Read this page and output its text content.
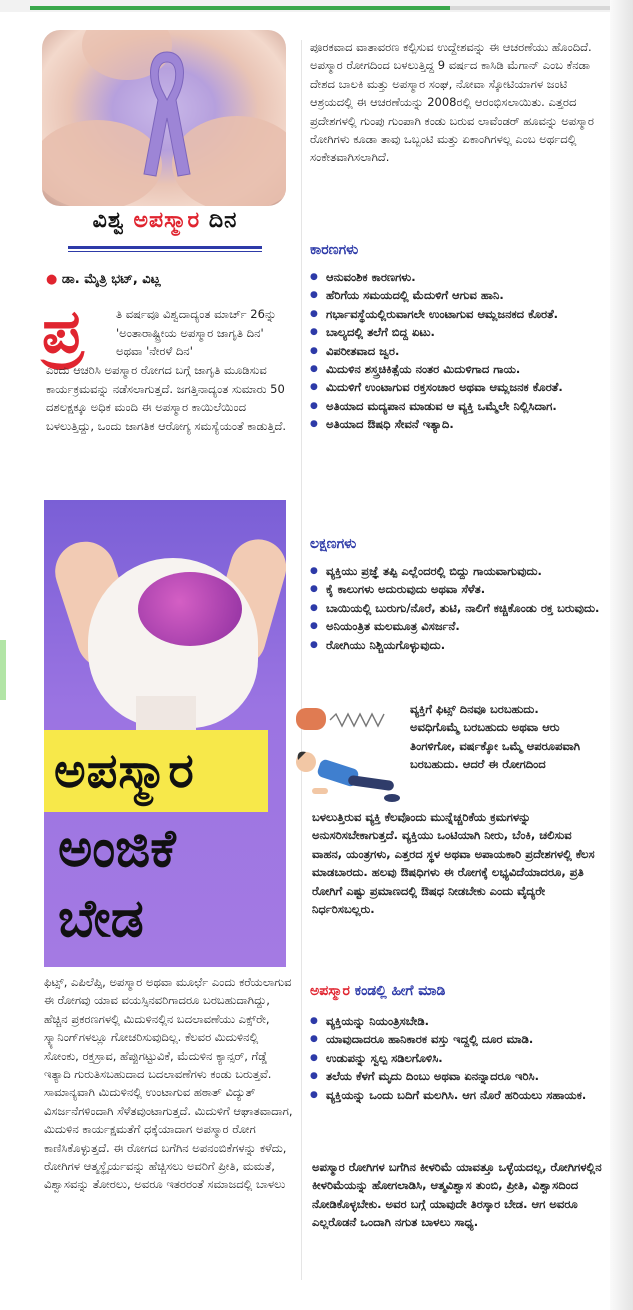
ವಿಶ್ವ ಅಪಸ್ಮಾರ ದಿನ
● ಡಾ. ಮೈತ್ರಿ ಭಟ್, ವಿಟ್ಲ
ಪ್ರ	ತಿ ವರ್ಷವೂ ವಿಶ್ವದಾದ್ಯಂತ ಮಾರ್ಚ್ 26ನ್ನು 'ಅಂತಾರಾಷ್ಟ್ರೀಯ ಅಪಸ್ಮಾರ ಜಾಗೃತಿ ದಿನ' ಅಥವಾ 'ನೇರಳೆ ದಿನ'
ಎಂದು ಆಚರಿಸಿ ಅಪಸ್ಮಾರ ರೋಗದ ಬಗ್ಗೆ ಜಾಗೃತಿ ಮೂಡಿಸುವ ಕಾರ್ಯಕ್ರಮವನ್ನು ನಡೆಸಲಾಗುತ್ತದೆ. ಜಗತ್ತಿನಾದ್ಯಂತ ಸುಮಾರು 50 ದಶಲಕ್ಷಕ್ಕೂ ಅಧಿಕ ಮಂದಿ ಈ ಅಪಸ್ಮಾರ ಕಾಯಿಲೆಯಿಂದ ಬಳಲುತ್ತಿದ್ದು, ಒಂದು ಜಾಗತಿಕ ಆರೋಗ್ಯ ಸಮಸ್ಯೆಯಂತೆ ಕಾಡುತ್ತಿದೆ.
ಅಪಸ್ಮಾರ
ಅಂಜಿಕೆ
ಬೇಡ
ಫಿಟ್ಸ್, ಎಪಿಲೆಪ್ಸಿ, ಅಪಸ್ಮಾರ ಅಥವಾ ಮೂರ್ಛೆ ಎಂದು ಕರೆಯಲಾಗುವ ಈ ರೋಗವು ಯಾವ ವಯಸ್ಸಿನವರಿಗಾದರೂ ಬರಬಹುದಾಗಿದ್ದು, ಹೆಚ್ಚಿನ ಪ್ರಕರಣಗಳಲ್ಲಿ ಮಿದುಳಿನಲ್ಲಿನ ಬದಲಾವಣೆಯು ಎಕ್ಸ್‌ರೇ, ಸ್ಕ್ಯಾನಿಂಗ್‌ಗಳಲ್ಲೂ ಗೋಚರಿಸುವುದಿಲ್ಲ. ಕೆಲವರ ಮಿದುಳಿನಲ್ಲಿ ಸೋಂಕು, ರಕ್ತಸ್ರಾವ, ಹೆಪ್ಪುಗಟ್ಟುವಿಕೆ, ಮೆದುಳಿನ ಕ್ಯಾನ್ಸರ್, ಗೆಡ್ಡೆ ಇತ್ಯಾದಿ ಗುರುತಿಸಬಹುದಾದ ಬದಲಾವಣೆಗಳು ಕಂಡು ಬರುತ್ತವೆ. ಸಾಮಾನ್ಯವಾಗಿ ಮಿದುಳಿನಲ್ಲಿ ಉಂಟಾಗುವ ಹಠಾತ್ ವಿದ್ಯುತ್ ವಿಸರ್ಜನೆಗಳಿಂದಾಗಿ ಸೆಳೆತವುಂಟಾಗುತ್ತದೆ. ಮಿದುಳಿಗೆ ಆಘಾತವಾದಾಗ, ಮಿದುಳಿನ ಕಾರ್ಯಕ್ಷಮತೆಗೆ ಧಕ್ಕೆಯಾದಾಗ ಅಪಸ್ಮಾರ ರೋಗ ಕಾಣಿಸಿಕೊಳ್ಳುತ್ತದೆ. ಈ ರೋಗದ ಬಗೆಗಿನ ಅಪನಂಬಿಕೆಗಳನ್ನು ಕಳೆದು, ರೋಗಿಗಳ ಆತ್ಮಸ್ಥೈರ್ಯವನ್ನು ಹೆಚ್ಚಿಸಲು ಅವರಿಗೆ ಪ್ರೀತಿ, ಮಮತೆ, ವಿಶ್ವಾಸವನ್ನು ತೋರಲು, ಅವರೂ ಇತರರಂತೆ ಸಮಾಜದಲ್ಲಿ ಬಾಳಲು
ಪೂರಕವಾದ ವಾತಾವರಣ ಕಲ್ಪಿಸುವ ಉದ್ದೇಶವನ್ನು ಈ ಆಚರಣೆಯು ಹೊಂದಿದೆ. ಅಪಸ್ಮಾರ ರೋಗದಿಂದ ಬಳಲುತ್ತಿದ್ದ 9 ವರ್ಷದ ಕಾಸಿಡಿ ಮೆಗಾನ್ ಎಂಬ ಕೆನಡಾ ದೇಶದ ಬಾಲಕಿ ಮತ್ತು ಅಪಸ್ಮಾರ ಸಂಘ, ನೋವಾ ಸ್ಕೋಟಿಯಾಗಳ ಜಂಟಿ ಆಶ್ರಯದಲ್ಲಿ ಈ ಆಚರಣೆಯನ್ನು 2008ರಲ್ಲಿ ಆರಂಭಿಸಲಾಯಿತು. ಎತ್ತರದ ಪ್ರದೇಶಗಳಲ್ಲಿ ಗುಂಪು ಗುಂಪಾಗಿ ಕಂಡು ಬರುವ ಲಾವೆಂಡರ್ ಹೂವನ್ನು ಅಪಸ್ಮಾರ ರೋಗಿಗಳು ಕೂಡಾ ತಾವು ಒಬ್ಬಂಟಿ ಮತ್ತು ಏಕಾಂಗಿಗಳಲ್ಲ ಎಂಬ ಅರ್ಥದಲ್ಲಿ ಸಂಕೇತವಾಗಿಸಲಾಗಿದೆ.
ಕಾರಣಗಳು
● ಆನುವಂಶಿಕ ಕಾರಣಗಳು.
● ಹೆರಿಗೆಯ ಸಮಯದಲ್ಲಿ ಮೆದುಳಿಗೆ ಆಗುವ ಹಾನಿ.
● ಗರ್ಭಾವಸ್ಥೆಯಲ್ಲಿರುವಾಗಲೇ ಉಂಟಾಗುವ ಆಮ್ಲಜನಕದ ಕೊರತೆ.
● ಬಾಲ್ಯದಲ್ಲಿ ತಲೆಗೆ ಬಿದ್ದ ಏಟು.
● ವಿಪರೀತವಾದ ಜ್ವರ.
● ಮಿದುಳಿನ ಶಸ್ತ್ರಚಿಕಿತ್ಸೆಯ ನಂತರ ಮಿದುಳಿಗಾದ ಗಾಯ.
● ಮಿದುಳಿಗೆ ಉಂಟಾಗುವ ರಕ್ತಸಂಚಾರ ಅಥವಾ ಆಮ್ಲಜನಕ ಕೊರತೆ.
● ಅತಿಯಾದ ಮದ್ಯಪಾನ ಮಾಡುವ ಆ ವ್ಯಕ್ತಿ ಒಮ್ಮೆಲೇ ನಿಲ್ಲಿಸಿದಾಗ.
● ಅತಿಯಾದ ಔಷಧಿ ಸೇವನೆ ಇತ್ಯಾದಿ.
ಲಕ್ಷಣಗಳು
● ವ್ಯಕ್ತಿಯು ಪ್ರಜ್ಞೆ ತಪ್ಪಿ ಎಲ್ಲೆಂದರಲ್ಲಿ ಬಿದ್ದು ಗಾಯವಾಗುವುದು.
● ಕೈ ಕಾಲುಗಳು ಅದುರುವುದು ಅಥವಾ ಸೆಳೆತ.
● ಬಾಯಿಯಲ್ಲಿ ಬುರುಗು/ನೊರೆ, ತುಟಿ, ನಾಲಿಗೆ ಕಚ್ಚಿಕೊಂಡು ರಕ್ತ ಬರುವುದು.
● ಅನಿಯಂತ್ರಿತ ಮಲಮೂತ್ರ ವಿಸರ್ಜನೆ.
● ರೋಗಿಯು ನಿಶ್ಚಿಯಗೊಳ್ಳುವುದು.
ವ್ಯಕ್ತಿಗೆ ಫಿಟ್ಸ್ ದಿನವೂ ಬರಬಹುದು. ಅವಧಿಗೊಮ್ಮೆ ಬರಬಹುದು ಅಥವಾ ಆರು ತಿಂಗಳಿಗೋ, ವರ್ಷಕ್ಕೋ ಒಮ್ಮೆ ಆಪರೂಪವಾಗಿ ಬರಬಹುದು. ಆದರೆ ಈ ರೋಗದಿಂದ
ಬಳಲುತ್ತಿರುವ ವ್ಯಕ್ತಿ ಕೆಲವೊಂದು ಮುನ್ನೆಚ್ಚರಿಕೆಯ ಕ್ರಮಗಳನ್ನು ಅನುಸರಿಸಬೇಕಾಗುತ್ತದೆ. ವ್ಯಕ್ತಿಯು ಒಂಟಿಯಾಗಿ ನೀರು, ಬೆಂಕಿ, ಚಲಿಸುವ ವಾಹನ, ಯಂತ್ರಗಳು, ಎತ್ತರದ ಸ್ಥಳ ಅಥವಾ ಅಪಾಯಕಾರಿ ಪ್ರದೇಶಗಳಲ್ಲಿ ಕೆಲಸ ಮಾಡಬಾರದು. ಹಲವು ಔಷಧಿಗಳು ಈ ರೋಗಕ್ಕೆ ಲಭ್ಯವಿದೆಯಾದರೂ, ಪ್ರತಿ ರೋಗಿಗೆ ಎಷ್ಟು ಪ್ರಮಾಣದಲ್ಲಿ ಔಷಧ ನೀಡಬೇಕು ಎಂದು ವೈದ್ಯರೇ ನಿರ್ಧರಿಸಬಲ್ಲರು.
ಅಪಸ್ಮಾರ ಕಂಡಲ್ಲಿ ಹೀಗೆ ಮಾಡಿ
● ವ್ಯಕ್ತಿಯನ್ನು ನಿಯಂತ್ರಿಸಬೇಡಿ.
● ಯಾವುದಾದರೂ ಹಾನಿಕಾರಕ ವಸ್ತು ಇದ್ದಲ್ಲಿ ದೂರ ಮಾಡಿ.
● ಉಡುಪನ್ನು ಸ್ವಲ್ಪ ಸಡಿಲಗೊಳಿಸಿ.
● ತಲೆಯ ಕೆಳಗೆ ಮೃದು ದಿಂಬು ಅಥವಾ ಏನನ್ನಾದರೂ ಇರಿಸಿ.
● ವ್ಯಕ್ತಿಯನ್ನು ಒಂದು ಬದಿಗೆ ಮಲಗಿಸಿ. ಆಗ ನೊರೆ ಹರಿಯಲು ಸಹಾಯಕ.
ಅಪಸ್ಮಾರ ರೋಗಿಗಳ ಬಗೆಗಿನ ಕೀಳರಿಮೆ ಯಾವತ್ತೂ ಒಳ್ಳೆಯದಲ್ಲ, ರೋಗಿಗಳಲ್ಲಿನ ಕೀಳರಿಮೆಯನ್ನು ಹೋಗಲಾಡಿಸಿ, ಆತ್ಮವಿಶ್ವಾಸ ತುಂಬಿ, ಪ್ರೀತಿ, ವಿಶ್ವಾಸದಿಂದ ನೋಡಿಕೊಳ್ಳಬೇಕು. ಅವರ ಬಗ್ಗೆ ಯಾವುದೇ ತಿರಸ್ಕಾರ ಬೇಡ. ಆಗ ಅವರೂ ಎಲ್ಲರೊಡನೆ ಒಂದಾಗಿ ನಗುತ ಬಾಳಲು ಸಾಧ್ಯ.
